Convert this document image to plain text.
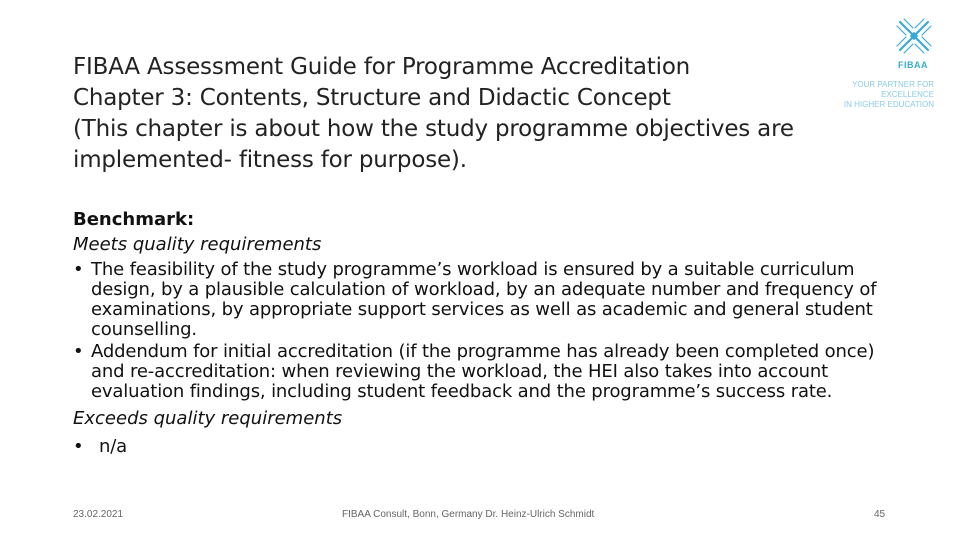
FIBAA Assessment Guide for Programme Accreditation
Chapter 3: Contents, Structure and Didactic Concept
(This chapter is about how the study programme objectives are
implemented- fitness for purpose).
FIBAA
YOUR PARTNER FOR EXCELLENCE
IN HIGHER EDUCATION
Benchmark:
Meets quality requirements
• The feasibility of the study programme’s workload is ensured by a suitable curriculum design, by a plausible calculation of workload, by an adequate number and frequency of examinations, by appropriate support services as well as academic and general student counselling.
• Addendum for initial accreditation (if the programme has already been completed once) and re-accreditation: when reviewing the workload, the HEI also takes into account evaluation findings, including student feedback and the programme’s success rate.
Exceeds quality requirements
• n/a
23.02.2021	FIBAA Consult, Bonn, Germany Dr. Heinz-Ulrich Schmidt	45
